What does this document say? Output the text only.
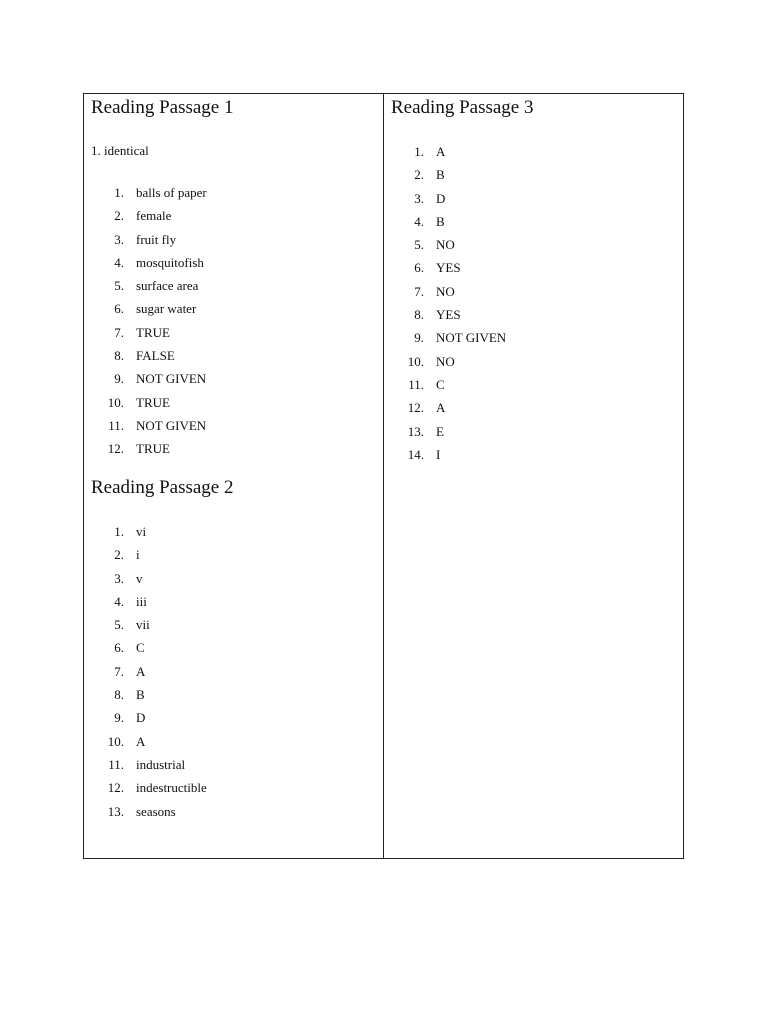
Reading Passage 1
1. identical
1. balls of paper
2. female
3. fruit fly
4. mosquitofish
5. surface area
6. sugar water
7. TRUE
8. FALSE
9. NOT GIVEN
10. TRUE
11. NOT GIVEN
12. TRUE
Reading Passage 2
1. vi
2. i
3. v
4. iii
5. vii
6. C
7. A
8. B
9. D
10. A
11. industrial
12. indestructible
13. seasons
Reading Passage 3
1. A
2. B
3. D
4. B
5. NO
6. YES
7. NO
8. YES
9. NOT GIVEN
10. NO
11. C
12. A
13. E
14. I
